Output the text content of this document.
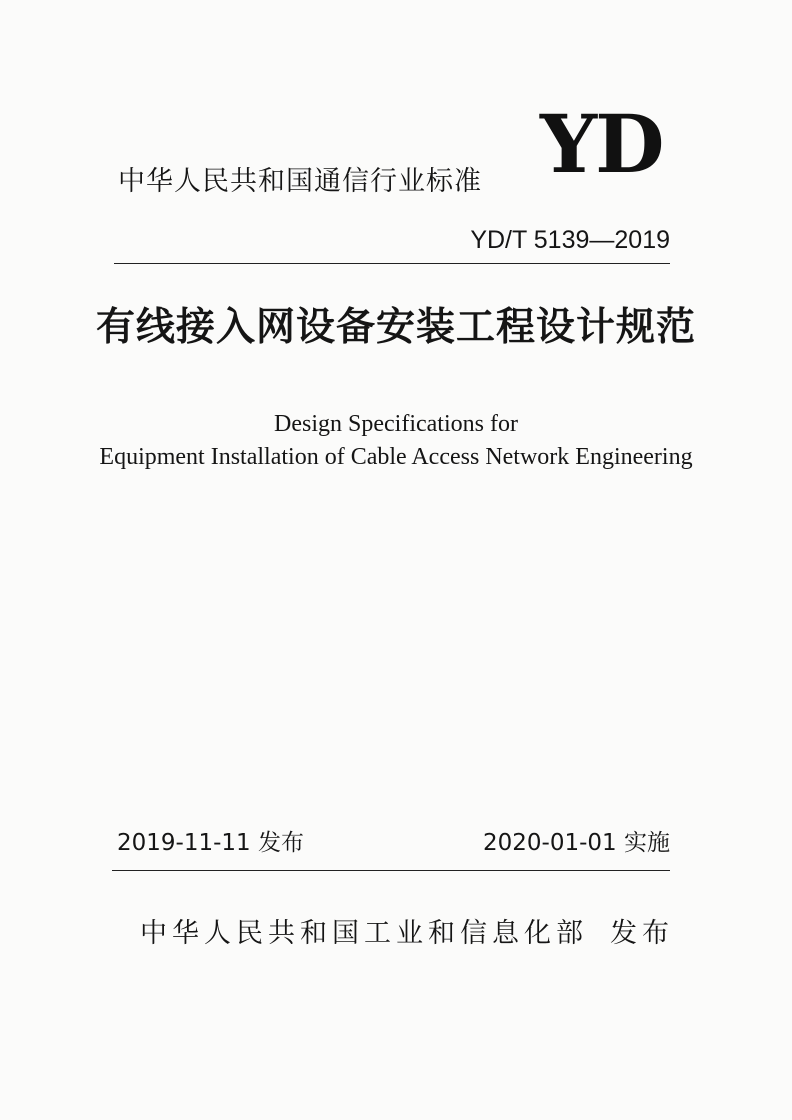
YD
中华人民共和国通信行业标准
YD/T 5139—2019
有线接入网设备安装工程设计规范
Design Specifications for
Equipment Installation of Cable Access Network Engineering
2019-11-11 发布	2020-01-01 实施
中华人民共和国工业和信息化部 发布
